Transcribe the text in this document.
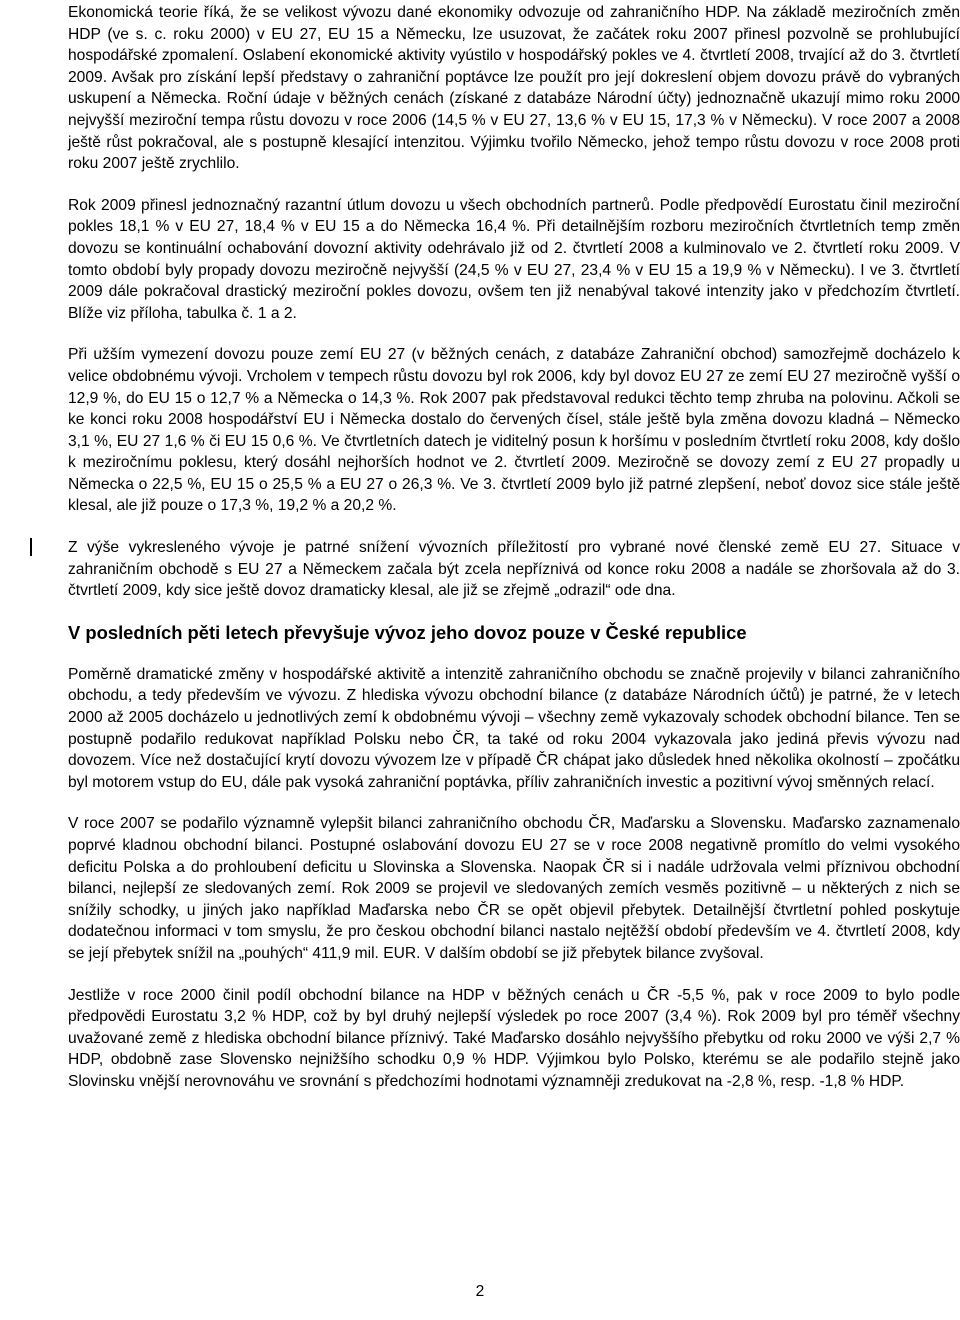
Ekonomická teorie říká, že se velikost vývozu dané ekonomiky odvozuje od zahraničního HDP. Na základě meziročních změn HDP (ve s. c. roku 2000) v EU 27, EU 15 a Německu, lze usuzovat, že začátek roku 2007 přinesl pozvolně se prohlubující hospodářské zpomalení. Oslabení ekonomické aktivity vyústilo v hospodářský pokles ve 4. čtvrtletí 2008, trvající až do 3. čtvrtletí 2009. Avšak pro získání lepší představy o zahraniční poptávce lze použít pro její dokreslení objem dovozu právě do vybraných uskupení a Německa. Roční údaje v běžných cenách (získané z databáze Národní účty) jednoznačně ukazují mimo roku 2000 nejvyšší meziroční tempa růstu dovozu v roce 2006 (14,5 % v EU 27, 13,6 % v EU 15, 17,3 % v Německu). V roce 2007 a 2008 ještě růst pokračoval, ale s postupně klesající intenzitou. Výjimku tvořilo Německo, jehož tempo růstu dovozu v roce 2008 proti roku 2007 ještě zrychlilo.

Rok 2009 přinesl jednoznačný razantní útlum dovozu u všech obchodních partnerů. Podle předpovědí Eurostatu činil meziroční pokles 18,1 % v EU 27, 18,4 % v EU 15 a do Německa 16,4 %. Při detailnějším rozboru meziročních čtvrtletních temp změn dovozu se kontinuální ochabování dovozní aktivity odehrávalo již od 2. čtvrtletí 2008 a kulminovalo ve 2. čtvrtletí roku 2009. V tomto období byly propady dovozu meziročně nejvyšší (24,5 % v EU 27, 23,4 % v EU 15 a 19,9 % v Německu). I ve 3. čtvrtletí 2009 dále pokračoval drastický meziroční pokles dovozu, ovšem ten již nenabýval takové intenzity jako v předchozím čtvrtletí. Blíže viz příloha, tabulka č. 1 a 2.

Při užším vymezení dovozu pouze zemí EU 27 (v běžných cenách, z databáze Zahraniční obchod) samozřejmě docházelo k velice obdobnému vývoji. Vrcholem v tempech růstu dovozu byl rok 2006, kdy byl dovoz EU 27 ze zemí EU 27 meziročně vyšší o 12,9 %, do EU 15 o 12,7 % a Německa o 14,3 %. Rok 2007 pak představoval redukci těchto temp zhruba na polovinu. Ačkoli se ke konci roku 2008 hospodářství EU i Německa dostalo do červených čísel, stále ještě byla změna dovozu kladná – Německo 3,1 %, EU 27 1,6 % či EU 15 0,6 %. Ve čtvrtletních datech je viditelný posun k horšímu v posledním čtvrtletí roku 2008, kdy došlo k meziročnímu poklesu, který dosáhl nejhorších hodnot ve 2. čtvrtletí 2009. Meziročně se dovozy zemí z EU 27 propadly u Německa o 22,5 %, EU 15 o 25,5 % a EU 27 o 26,3 %. Ve 3. čtvrtletí 2009 bylo již patrné zlepšení, neboť dovoz sice stále ještě klesal, ale již pouze o 17,3 %, 19,2 % a 20,2 %.

Z výše vykresleného vývoje je patrné snížení vývozních příležitostí pro vybrané nové členské země EU 27. Situace v zahraničním obchodě s EU 27 a Německem začala být zcela nepříznivá od konce roku 2008 a nadále se zhoršovala až do 3. čtvrtletí 2009, kdy sice ještě dovoz dramaticky klesal, ale již se zřejmě „odrazil“ ode dna.

V posledních pěti letech převyšuje vývoz jeho dovoz pouze v České republice

Poměrně dramatické změny v hospodářské aktivitě a intenzitě zahraničního obchodu se značně projevily v bilanci zahraničního obchodu, a tedy především ve vývozu. Z hlediska vývozu obchodní bilance (z databáze Národních účtů) je patrné, že v letech 2000 až 2005 docházelo u jednotlivých zemí k obdobnému vývoji – všechny země vykazovaly schodek obchodní bilance. Ten se postupně podařilo redukovat například Polsku nebo ČR, ta také od roku 2004 vykazovala jako jediná převis vývozu nad dovozem. Více než dostačující krytí dovozu vývozem lze v případě ČR chápat jako důsledek hned několika okolností – zpočátku byl motorem vstup do EU, dále pak vysoká zahraniční poptávka, příliv zahraničních investic a pozitivní vývoj směnných relací.

V roce 2007 se podařilo významně vylepšit bilanci zahraničního obchodu ČR, Maďarsku a Slovensku. Maďarsko zaznamenalo poprvé kladnou obchodní bilanci. Postupné oslabování dovozu EU 27 se v roce 2008 negativně promítlo do velmi vysokého deficitu Polska a do prohloubení deficitu u Slovinska a Slovenska. Naopak ČR si i nadále udržovala velmi příznivou obchodní bilanci, nejlepší ze sledovaných zemí. Rok 2009 se projevil ve sledovaných zemích vesměs pozitivně – u některých z nich se snížily schodky, u jiných jako například Maďarska nebo ČR se opět objevil přebytek. Detailnější čtvrtletní pohled poskytuje dodatečnou informaci v tom smyslu, že pro českou obchodní bilanci nastalo nejtěžší období především ve 4. čtvrtletí 2008, kdy se její přebytek snížil na „pouhých“ 411,9 mil. EUR. V dalším období se již přebytek bilance zvyšoval.

Jestliže v roce 2000 činil podíl obchodní bilance na HDP v běžných cenách u ČR -5,5 %, pak v roce 2009 to bylo podle předpovědi Eurostatu 3,2 % HDP, což by byl druhý nejlepší výsledek po roce 2007 (3,4 %). Rok 2009 byl pro téměř všechny uvažované země z hlediska obchodní bilance příznivý. Také Maďarsko dosáhlo nejvyššího přebytku od roku 2000 ve výši 2,7 % HDP, obdobně zase Slovensko nejnižšího schodku 0,9 % HDP. Výjimkou bylo Polsko, kterému se ale podařilo stejně jako Slovinsku vnější nerovnováhu ve srovnání s předchozími hodnotami významněji zredukovat na -2,8 %, resp. -1,8 % HDP.

2
